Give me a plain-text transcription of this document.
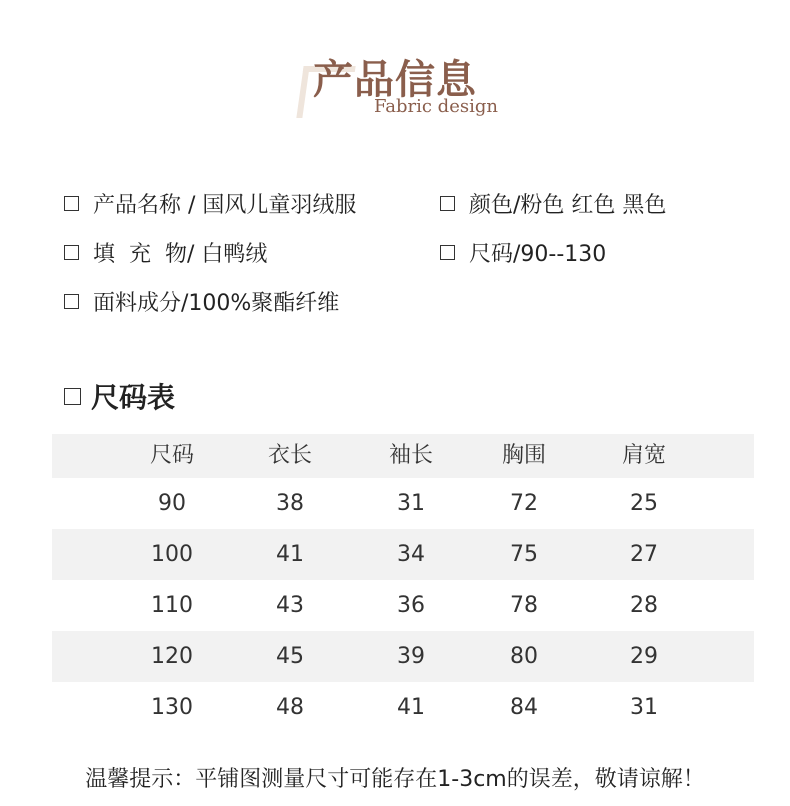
产品信息
Fabric design
产品名称 / 国风儿童羽绒服	颜色/粉色 红色 黑色
填  充  物/ 白鸭绒	尺码/90--130
面料成分/100%聚酯纤维
尺码表
尺码	衣长	袖长	胸围	肩宽
90	38	31	72	25
100	41	34	75	27
110	43	36	78	28
120	45	39	80	29
130	48	41	84	31
温馨提示：平铺图测量尺寸可能存在1-3cm的误差，敬请谅解！
